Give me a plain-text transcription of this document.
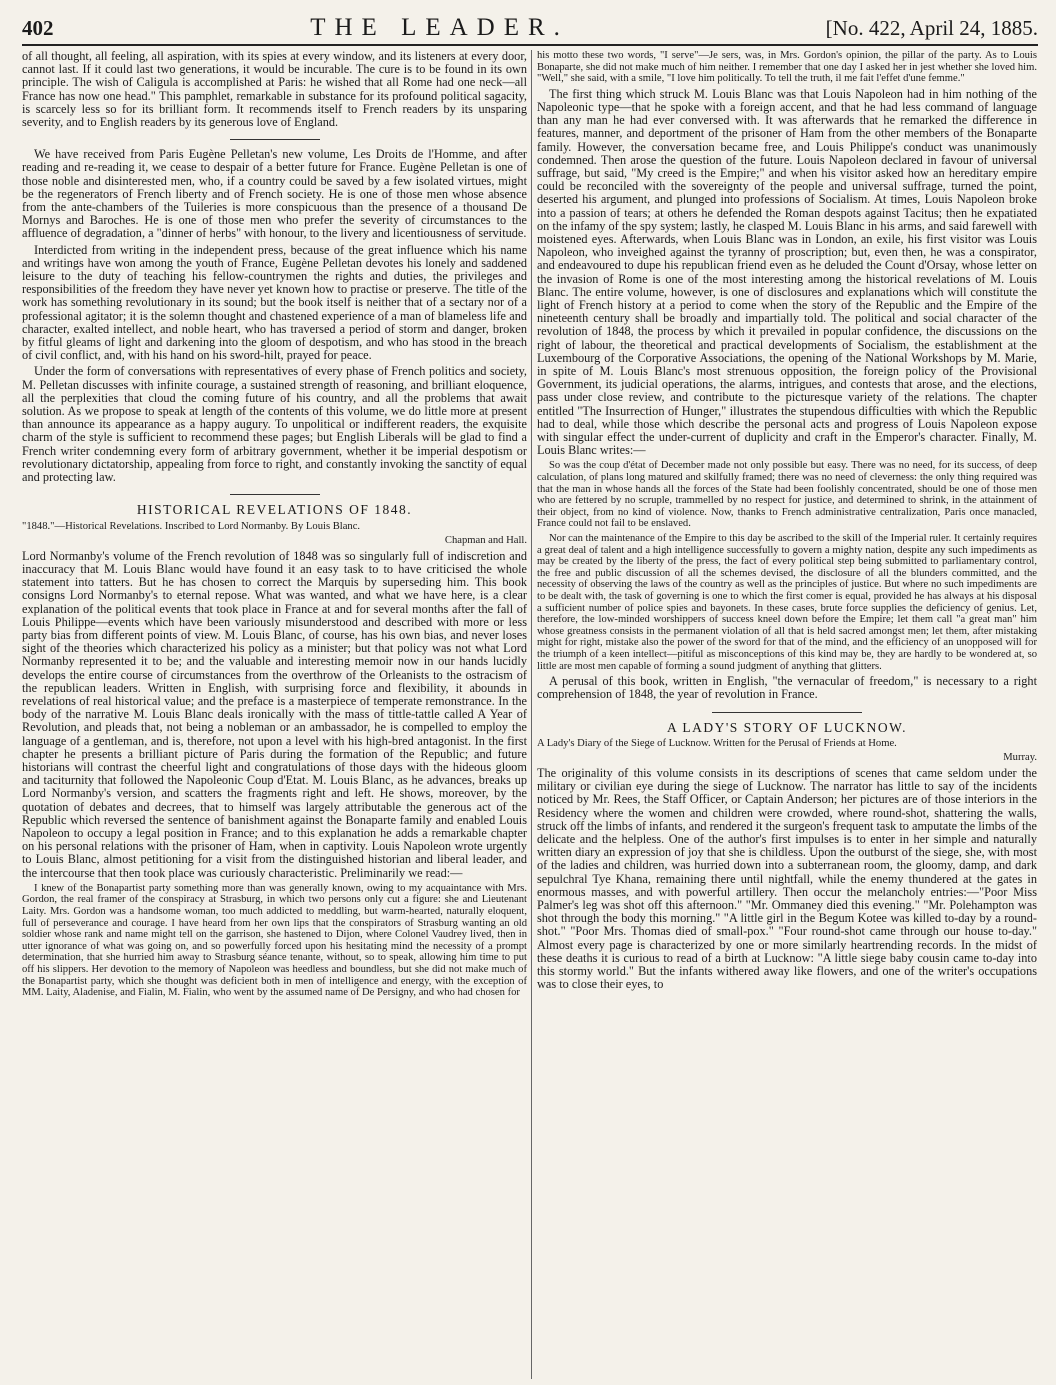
402	THE LEADER.	[No. 422, April 24, 1885.

of all thought, all feeling, all aspiration, with its spies at every window, and its listeners at every door, cannot last. If it could last two generations, it would be incurable. The cure is to be found in its own principle. The wish of Caligula is accomplished at Paris: he wished that all Rome had one neck—all France has now one head." This pamphlet, remarkable in substance for its profound political sagacity, is scarcely less so for its brilliant form. It recommends itself to French readers by its unsparing severity, and to English readers by its generous love of England.

We have received from Paris Eugène Pelletan's new volume, Les Droits de l'Homme, and after reading and re-reading it, we cease to despair of a better future for France. Eugène Pelletan is one of those noble and disinterested men, who, if a country could be saved by a few isolated virtues, might be the regenerators of French liberty and of French society. He is one of those men whose absence from the ante-chambers of the Tuileries is more conspicuous than the presence of a thousand De Mornys and Baroches. He is one of those men who prefer the severity of circumstances to the affluence of degradation, a "dinner of herbs" with honour, to the livery and licentiousness of servitude.

Interdicted from writing in the independent press, because of the great influence which his name and writings have won among the youth of France, Eugène Pelletan devotes his lonely and saddened leisure to the duty of teaching his fellow-countrymen the rights and duties, the privileges and responsibilities of the freedom they have never yet known how to practise or preserve. The title of the work has something revolutionary in its sound; but the book itself is neither that of a sectary nor of a professional agitator; it is the solemn thought and chastened experience of a man of blameless life and character, exalted intellect, and noble heart, who has traversed a period of storm and danger, broken by fitful gleams of light and darkening into the gloom of despotism, and who has stood in the breach of civil conflict, and, with his hand on his sword-hilt, prayed for peace.

Under the form of conversations with representatives of every phase of French politics and society, M. Pelletan discusses with infinite courage, a sustained strength of reasoning, and brilliant eloquence, all the perplexities that cloud the coming future of his country, and all the problems that await solution. As we propose to speak at length of the contents of this volume, we do little more at present than announce its appearance as a happy augury. To unpolitical or indifferent readers, the exquisite charm of the style is sufficient to recommend these pages; but English Liberals will be glad to find a French writer condemning every form of arbitrary government, whether it be imperial despotism or revolutionary dictatorship, appealing from force to right, and constantly invoking the sanctity of equal and protecting law.

HISTORICAL REVELATIONS OF 1848.

"1848."—Historical Revelations. Inscribed to Lord Normanby. By Louis Blanc.

Chapman and Hall.

Lord Normanby's volume of the French revolution of 1848 was so singularly full of indiscretion and inaccuracy that M. Louis Blanc would have found it an easy task to to have criticised the whole statement into tatters. But he has chosen to correct the Marquis by superseding him. This book consigns Lord Normanby's to eternal repose. What was wanted, and what we have here, is a clear explanation of the political events that took place in France at and for several months after the fall of Louis Philippe—events which have been variously misunderstood and described with more or less party bias from different points of view. M. Louis Blanc, of course, has his own bias, and never loses sight of the theories which characterized his policy as a minister; but that policy was not what Lord Normanby represented it to be; and the valuable and interesting memoir now in our hands lucidly develops the entire course of circumstances from the overthrow of the Orleanists to the ostracism of the republican leaders. Written in English, with surprising force and flexibility, it abounds in revelations of real historical value; and the preface is a masterpiece of temperate remonstrance. In the body of the narrative M. Louis Blanc deals ironically with the mass of tittle-tattle called A Year of Revolution, and pleads that, not being a nobleman or an ambassador, he is compelled to employ the language of a gentleman, and is, therefore, not upon a level with his high-bred antagonist. In the first chapter he presents a brilliant picture of Paris during the formation of the Republic; and future historians will contrast the cheerful light and congratulations of those days with the hideous gloom and taciturnity that followed the Napoleonic Coup d'Etat. M. Louis Blanc, as he advances, breaks up Lord Normanby's version, and scatters the fragments right and left. He shows, moreover, by the quotation of debates and decrees, that to himself was largely attributable the generous act of the Republic which reversed the sentence of banishment against the Bonaparte family and enabled Louis Napoleon to occupy a legal position in France; and to this explanation he adds a remarkable chapter on his personal relations with the prisoner of Ham, when in captivity. Louis Napoleon wrote urgently to Louis Blanc, almost petitioning for a visit from the distinguished historian and liberal leader, and the intercourse that then took place was curiously characteristic. Preliminarily we read:—

I knew of the Bonapartist party something more than was generally known, owing to my acquaintance with Mrs. Gordon, the real framer of the conspiracy at Strasburg, in which two persons only cut a figure: she and Lieutenant Laity. Mrs. Gordon was a handsome woman, too much addicted to meddling, but warm-hearted, naturally eloquent, full of perseverance and courage. I have heard from her own lips that the conspirators of Strasburg wanting an old soldier whose rank and name might tell on the garrison, she hastened to Dijon, where Colonel Vaudrey lived, then in utter ignorance of what was going on, and so powerfully forced upon his hesitating mind the necessity of a prompt determination, that she hurried him away to Strasburg séance tenante, without, so to speak, allowing him time to put off his slippers. Her devotion to the memory of Napoleon was heedless and boundless, but she did not make much of the Bonapartist party, which she thought was deficient both in men of intelligence and energy, with the exception of MM. Laity, Aladenise, and Fialin, M. Fialin, who went by the assumed name of De Persigny, and who had chosen for

his motto these two words, "I serve"—Je sers, was, in Mrs. Gordon's opinion, the pillar of the party. As to Louis Bonaparte, she did not make much of him neither. I remember that one day I asked her in jest whether she loved him. "Well," she said, with a smile, "I love him politically. To tell the truth, il me fait l'effet d'une femme."

The first thing which struck M. Louis Blanc was that Louis Napoleon had in him nothing of the Napoleonic type—that he spoke with a foreign accent, and that he had less command of language than any man he had ever conversed with. It was afterwards that he remarked the difference in features, manner, and deportment of the prisoner of Ham from the other members of the Bonaparte family. However, the conversation became free, and Louis Philippe's conduct was unanimously condemned. Then arose the question of the future. Louis Napoleon declared in favour of universal suffrage, but said, "My creed is the Empire;" and when his visitor asked how an hereditary empire could be reconciled with the sovereignty of the people and universal suffrage, turned the point, deserted his argument, and plunged into professions of Socialism. At times, Louis Napoleon broke into a passion of tears; at others he defended the Roman despots against Tacitus; then he expatiated on the infamy of the spy system; lastly, he clasped M. Louis Blanc in his arms, and said farewell with moistened eyes. Afterwards, when Louis Blanc was in London, an exile, his first visitor was Louis Napoleon, who inveighed against the tyranny of proscription; but, even then, he was a conspirator, and endeavoured to dupe his republican friend even as he deluded the Count d'Orsay, whose letter on the invasion of Rome is one of the most interesting among the historical revelations of M. Louis Blanc. The entire volume, however, is one of disclosures and explanations which will constitute the light of French history at a period to come when the story of the Republic and the Empire of the nineteenth century shall be broadly and impartially told. The political and social character of the revolution of 1848, the process by which it prevailed in popular confidence, the discussions on the right of labour, the theoretical and practical developments of Socialism, the establishment at the Luxembourg of the Corporative Associations, the opening of the National Workshops by M. Marie, in spite of M. Louis Blanc's most strenuous opposition, the foreign policy of the Provisional Government, its judicial operations, the alarms, intrigues, and contests that arose, and the elections, pass under close review, and contribute to the picturesque variety of the relations. The chapter entitled "The Insurrection of Hunger," illustrates the stupendous difficulties with which the Republic had to deal, while those which describe the personal acts and progress of Louis Napoleon expose with singular effect the under-current of duplicity and craft in the Emperor's character. Finally, M. Louis Blanc writes:—

So was the coup d'état of December made not only possible but easy. There was no need, for its success, of deep calculation, of plans long matured and skilfully framed; there was no need of cleverness: the only thing required was that the man in whose hands all the forces of the State had been foolishly concentrated, should be one of those men who are fettered by no scruple, trammelled by no respect for justice, and determined to shrink, in the attainment of their object, from no kind of violence. Now, thanks to French administrative centralization, Paris once manacled, France could not fail to be enslaved.

Nor can the maintenance of the Empire to this day be ascribed to the skill of the Imperial ruler. It certainly requires a great deal of talent and a high intelligence successfully to govern a mighty nation, despite any such impediments as may be created by the liberty of the press, the fact of every political step being submitted to parliamentary control, the free and public discussion of all the schemes devised, the disclosure of all the blunders committed, and the necessity of observing the laws of the country as well as the principles of justice. But where no such impediments are to be dealt with, the task of governing is one to which the first comer is equal, provided he has always at his disposal a sufficient number of police spies and bayonets. In these cases, brute force supplies the deficiency of genius. Let, therefore, the low-minded worshippers of success kneel down before the Empire; let them call "a great man" him whose greatness consists in the permanent violation of all that is held sacred amongst men; let them, after mistaking might for right, mistake also the power of the sword for that of the mind, and the efficiency of an unopposed will for the triumph of a keen intellect—pitiful as misconceptions of this kind may be, they are hardly to be wondered at, so little are most men capable of forming a sound judgment of anything that glitters.

A perusal of this book, written in English, "the vernacular of freedom," is necessary to a right comprehension of 1848, the year of revolution in France.

A LADY'S STORY OF LUCKNOW.

A Lady's Diary of the Siege of Lucknow. Written for the Perusal of Friends at Home.

Murray.

The originality of this volume consists in its descriptions of scenes that came seldom under the military or civilian eye during the siege of Lucknow. The narrator has little to say of the incidents noticed by Mr. Rees, the Staff Officer, or Captain Anderson; her pictures are of those interiors in the Residency where the women and children were crowded, where round-shot, shattering the walls, struck off the limbs of infants, and rendered it the surgeon's frequent task to amputate the limbs of the delicate and the helpless. One of the author's first impulses is to enter in her simple and naturally written diary an expression of joy that she is childless. Upon the outburst of the siege, she, with most of the ladies and children, was hurried down into a subterranean room, the gloomy, damp, and dark sepulchral Tye Khana, remaining there until nightfall, while the enemy thundered at the gates in enormous masses, and with powerful artillery. Then occur the melancholy entries:—"Poor Miss Palmer's leg was shot off this afternoon." "Mr. Ommaney died this evening." "Mr. Polehampton was shot through the body this morning." "A little girl in the Begum Kotee was killed to-day by a round-shot." "Poor Mrs. Thomas died of small-pox." "Four round-shot came through our house to-day." Almost every page is characterized by one or more similarly heartrending records. In the midst of these deaths it is curious to read of a birth at Lucknow: "A little siege baby cousin came to-day into this stormy world." But the infants withered away like flowers, and one of the writer's occupations was to close their eyes, to
